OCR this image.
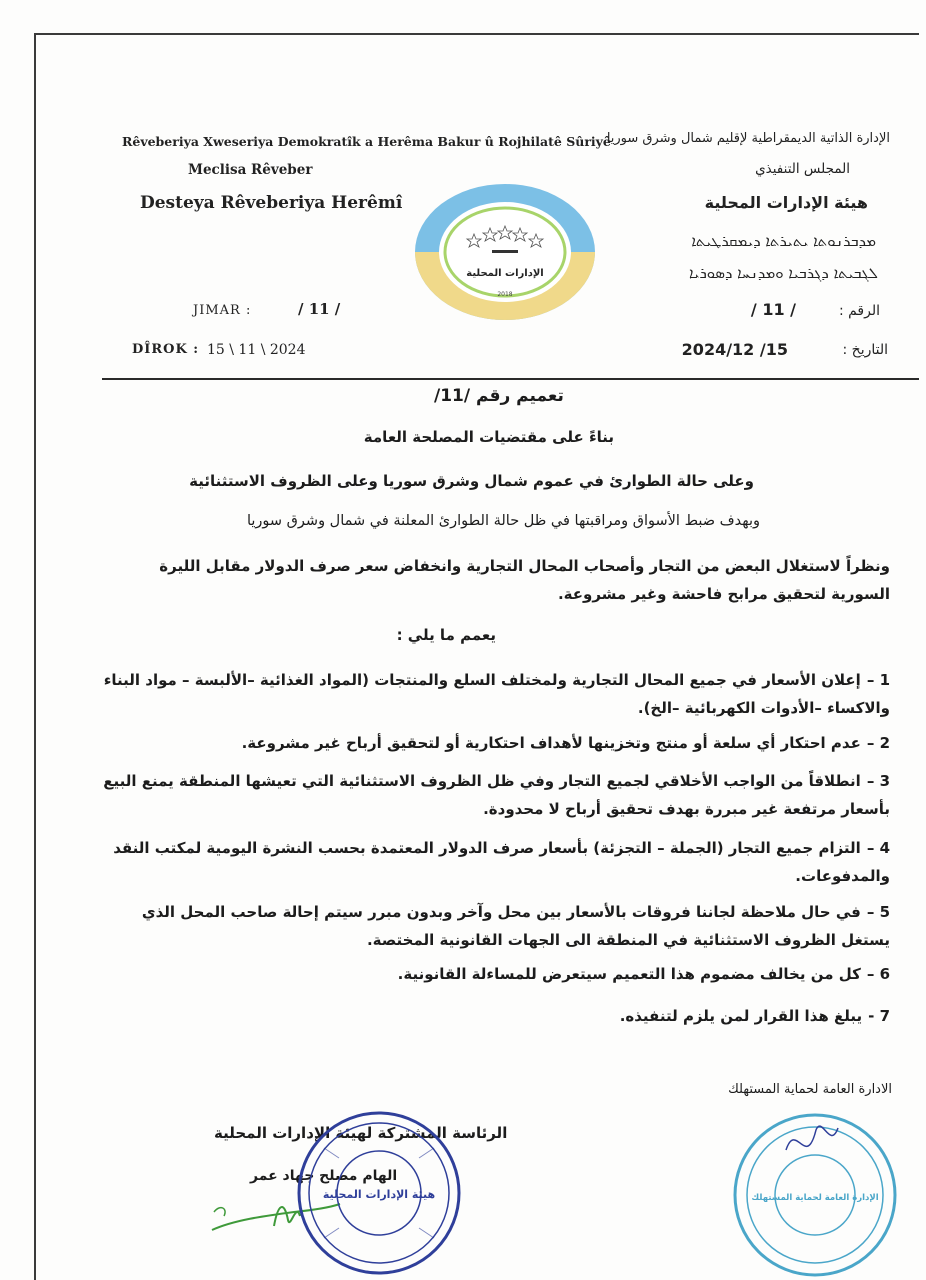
Rêveberiya Xweseriya Demokratîk a Herêma Bakur û Rojhilatê Sûriyê
Meclisa Rêveber
Desteya Rêveberiya Herêmî
الإدارة الذاتية الديمقراطية لإقليم شمال وشرق سوريا
المجلس التنفيذي
هيئة الإدارات المحلية
ܡܕܒܪܢܘܬܐ ܝܬܝܪܬܐ ܕܝܡܩܪܛܝܬܐ
ܠܓܒܝܬܐ ܕܓܪܒܝܐ ܘܡܕܢܚܐ ܕܣܘܪܝܐ
الإدارات المحلية
2018
JIMAR :	/ 11 /
DÎROK : 15 \ 11 \ 2024
الرقم :
/ 11 /
التاريخ :
2024/12 /15
تعميم رقم /11/
بناءً على مقتضيات المصلحة العامة
وعلى حالة الطوارئ في عموم شمال وشرق سوريا وعلى الظروف الاستثنائية
وبهدف ضبط الأسواق ومراقبتها في ظل حالة الطوارئ المعلنة في شمال وشرق سوريا
ونظراً لاستغلال البعض من التجار وأصحاب المحال التجارية وانخفاض سعر صرف الدولار مقابل الليرة السورية لتحقيق مرابح فاحشة وغير مشروعة.
يعمم ما يلي :
1 –إعلان الأسعار في جميع المحال التجارية ولمختلف السلع والمنتجات (المواد الغذائية –الألبسة – مواد البناء والاكساء –الأدوات الكهربائية –الخ).
2 –عدم احتكار أي سلعة أو منتج وتخزينها لأهداف احتكارية أو لتحقيق أرباح غير مشروعة.
3 –انطلاقاً من الواجب الأخلاقي لجميع التجار وفي ظل الظروف الاستثنائية التي تعيشها المنطقة يمنع البيع بأسعار مرتفعة غير مبررة بهدف تحقيق أرباح لا محدودة.
4 –التزام جميع التجار (الجملة – التجزئة) بأسعار صرف الدولار المعتمدة بحسب النشرة اليومية لمكتب النقد والمدفوعات.
5 –في حال ملاحظة لجاننا فروقات بالأسعار بين محل وآخر وبدون مبرر سيتم إحالة صاحب المحل الذي يستغل الظروف الاستثنائية في المنطقة الى الجهات القانونية المختصة.
6 –كل من يخالف مضموم هذا التعميم سيتعرض للمساءلة القانونية.
7 -يبلغ هذا القرار لمن يلزم لتنفيذه.
الادارة العامة لحماية المستهلك
الرئاسة المشتركة لهيئة الإدارات المحلية
الهام مصلح جهاد عمر
هيئة الإدارات المحلية	الإدارة العامة لحماية المستهلك
